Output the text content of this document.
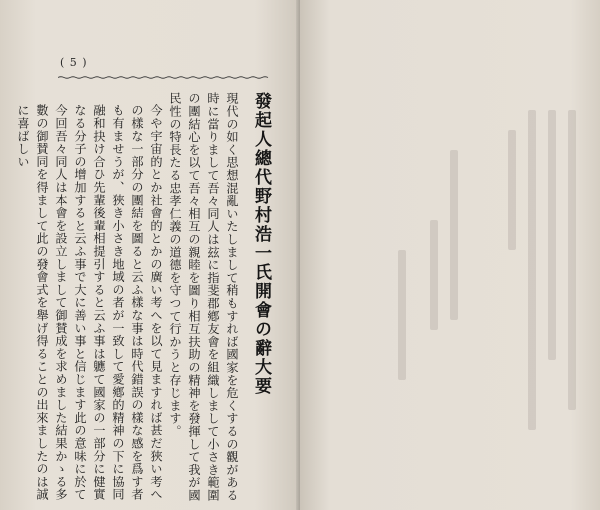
( 5 )
發起人總代野村浩一氏開會の辭大要

現代の如く思想混亂いたしまして稍もすれば國家を危くするの觀がある時に當りまして吾々同人は玆に指斐郡鄕友會を組織しまして小さき範圍の團結心を以て吾々相互の親睦を圖り相互扶助の精神を發揮して我が國民性の特長たる忠孝仁義の道德を守つて行かうと存じます。

今や宇宙的とか社會的とかの廣い考へを以て見ますれば甚だ狹い考への樣な一部分の團結を圖ると云ふ樣な事は時代錯誤の樣な感を爲す者も有ませうが、狹き小さき地域の者が一致して愛鄕的精神の下に協同融和抉け合ひ先輩後輩相提引すると云ふ事は軈て國家の一部分に健實なる分子の增加すると云ふ事で大に善い事と信じます此の意味に於て今回吾々同人は本會を設立しまして御賛成を求めました結果かゝる多數の御賛同を得まして此の發會式を舉げ得ることの出來ましたのは誠に喜ばしい
